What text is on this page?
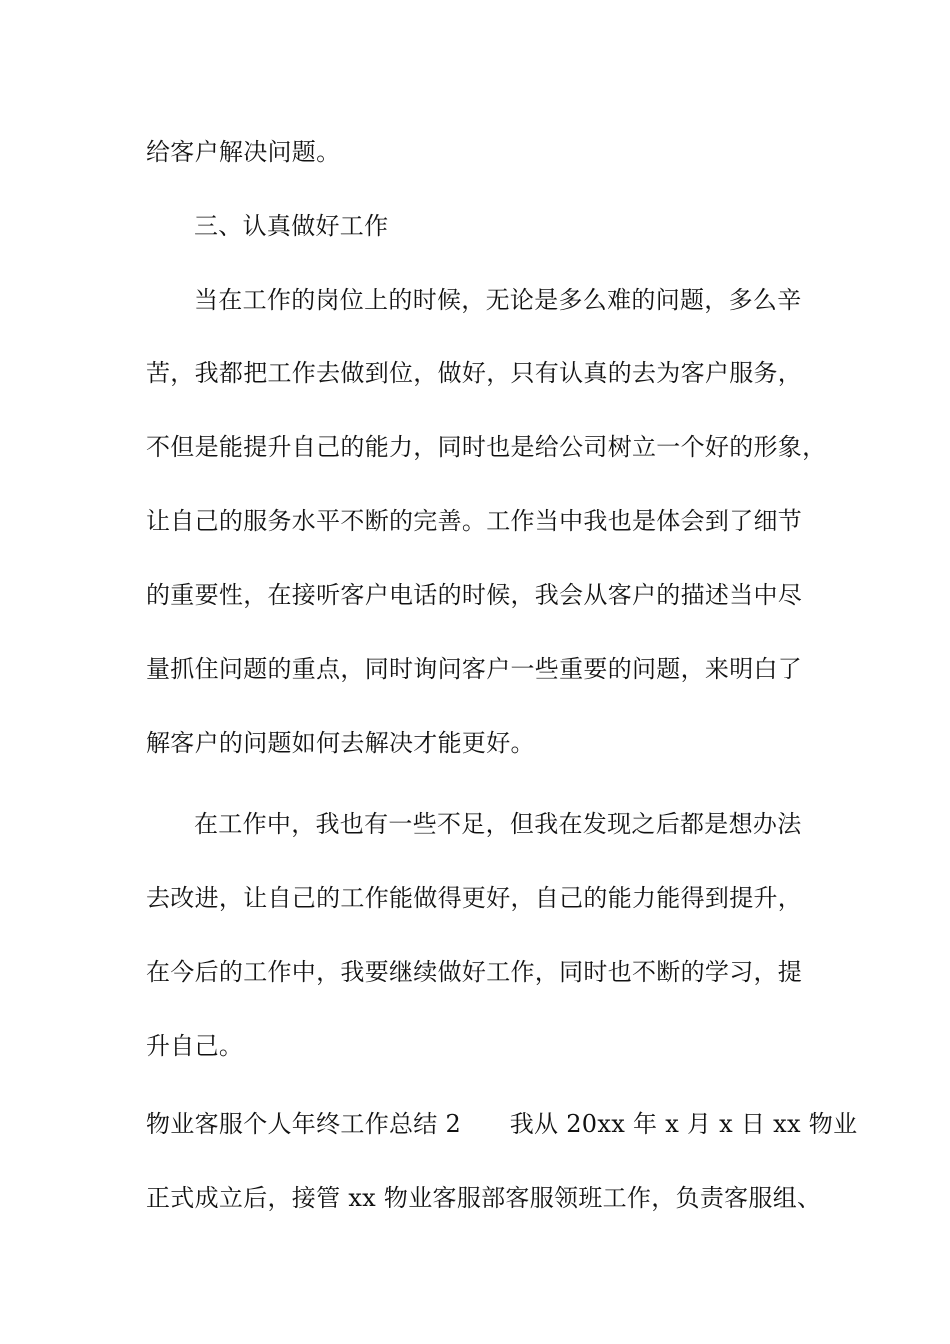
给客户解决问题。
三、认真做好工作
当在工作的岗位上的时候，无论是多么难的问题，多么辛
苦，我都把工作去做到位，做好，只有认真的去为客户服务，
不但是能提升自己的能力，同时也是给公司树立一个好的形象，
让自己的服务水平不断的完善。工作当中我也是体会到了细节
的重要性，在接听客户电话的时候，我会从客户的描述当中尽
量抓住问题的重点，同时询问客户一些重要的问题，来明白了
解客户的问题如何去解决才能更好。
在工作中，我也有一些不足，但我在发现之后都是想办法
去改进，让自己的工作能做得更好，自己的能力能得到提升，
在今后的工作中，我要继续做好工作，同时也不断的学习，提
升自己。
物业客服个人年终工作总结 2　　我从 20xx 年 x 月 x 日 xx 物业
正式成立后，接管 xx 物业客服部客服领班工作，负责客服组、
